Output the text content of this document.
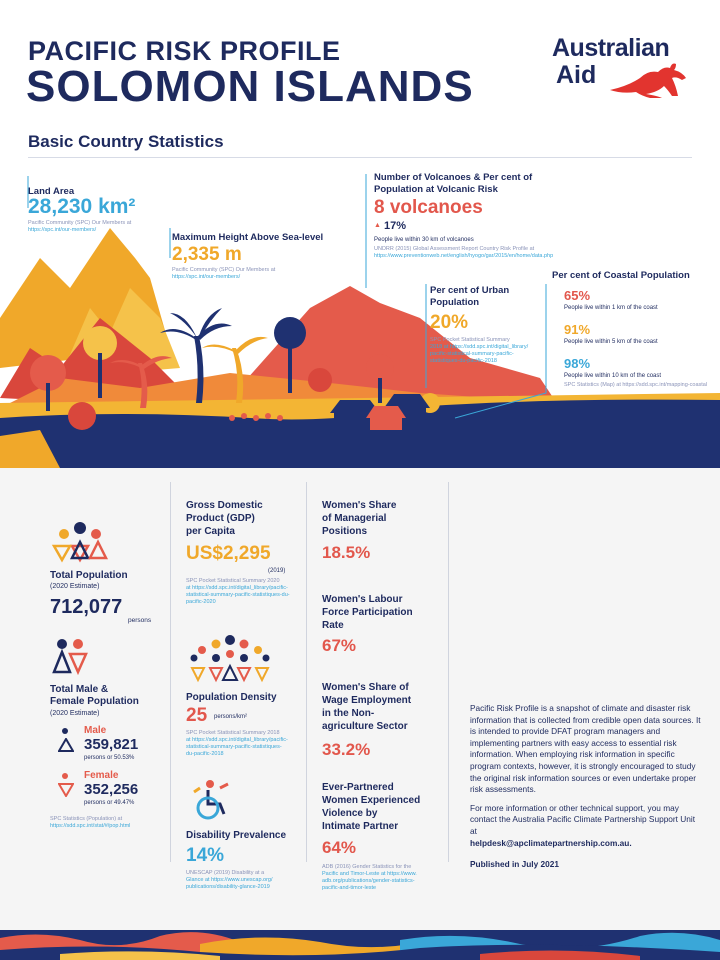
PACIFIC RISK PROFILE
SOLOMON ISLANDS
Australian
Aid
Basic Country Statistics
Land Area
28,230 km²
Pacific Community (SPC) Our Members at
https://spc.int/our-members/
Maximum Height Above Sea-level
2,335 m
Pacific Community (SPC) Our Members at
https://spc.int/our-members/
Number of Volcanoes & Per cent of
Population at Volcanic Risk
8 volcanoes
▲ 17%
People live within 30 km of volcanoes
UNDRR (2015) Global Assessment Report Country Risk Profile at
https://www.preventionweb.net/english/hyogo/gar/2015/en/home/data.php
Per cent of Urban
Population
20%
SPC Pocket Statistical Summary
2018 at https://sdd.spc.int/digital_library/
pacific-statistical-summary-pacific-
statistiques-du-pacific-2018
Per cent of Coastal Population
65%
People live within 1 km of the coast
91%
People live within 5 km of the coast
98%
People live within 10 km of the coast
SPC Statistics (Map) at https://sdd.spc.int/mapping-coastal
Total Population
(2020 Estimate)
712,077
persons
Total Male &
Female Population
(2020 Estimate)
Male
359,821
persons or 50.53%
Female
352,256
persons or 49.47%
SPC Statistics (Population) at
https://sdd.spc.int/stat/#/pop.html
Gross Domestic
Product (GDP)
per Capita
US$2,295
(2019)
SPC Pocket Statistical Summary 2020
at https://sdd.spc.int/digital_library/pacific-
statistical-summary-pacific-statistiques-du-
pacific-2020
Population Density
25 persons/km²
SPC Pocket Statistical Summary 2018
at https://sdd.spc.int/digital_library/pacific-
statistical-summary-pacific-statistiques-
du-pacific-2018
Disability Prevalence
14%
UNESCAP (2019) Disability at a
Glance at https://www.unescap.org/
publications/disability-glance-2019
Women's Share
of Managerial
Positions
18.5%
Women's Labour
Force Participation
Rate
67%
Women's Share of
Wage Employment
in the Non-
agriculture Sector
33.2%
Ever-Partnered
Women Experienced
Violence by
Intimate Partner
64%
ADB (2016) Gender Statistics for the
Pacific and Timor-Leste at https://www.
adb.org/publications/gender-statistics-
pacific-and-timor-leste

Pacific Risk Profile is a snapshot of climate and disaster risk information that is collected from credible open data sources. It is intended to provide DFAT program managers and implementing partners with easy access to essential risk information. When employing risk information in specific program contexts, however, it is strongly encouraged to study the original risk information sources or even undertake proper risk assessments.

For more information or other technical support, you may contact the Australia Pacific Climate Partnership Support Unit at
helpdesk@apclimatepartnership.com.au.

Published in July 2021
